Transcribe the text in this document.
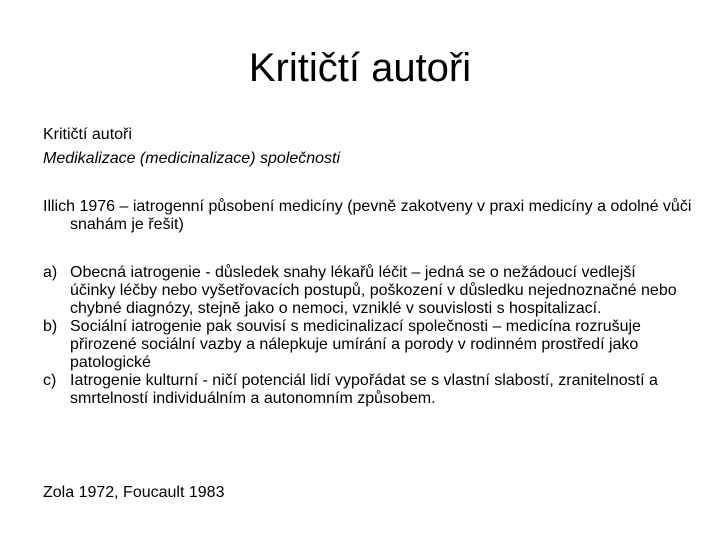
Kritičtí autoři

Kritičtí autoři

Medikalizace (medicinalizace) společnosti

Illich 1976 – iatrogenní působení medicíny (pevně zakotveny v praxi medicíny a odolné vůči snahám je řešit)

a) Obecná iatrogenie - důsledek snahy lékařů léčit – jedná se o nežádoucí vedlejší účinky léčby nebo vyšetřovacích postupů, poškození v důsledku nejednoznačné nebo chybné diagnózy, stejně jako o nemoci, vzniklé v souvislosti s hospitalizací.
b) Sociální iatrogenie pak souvisí s medicinalizací společnosti – medicína rozrušuje přirozené sociální vazby a nálepkuje umírání a porody v rodinném prostředí jako patologické
c) Iatrogenie kulturní - ničí potenciál lidí vypořádat se s vlastní slabostí, zranitelností a smrtelností individuálním a autonomním způsobem.

Zola 1972, Foucault 1983
